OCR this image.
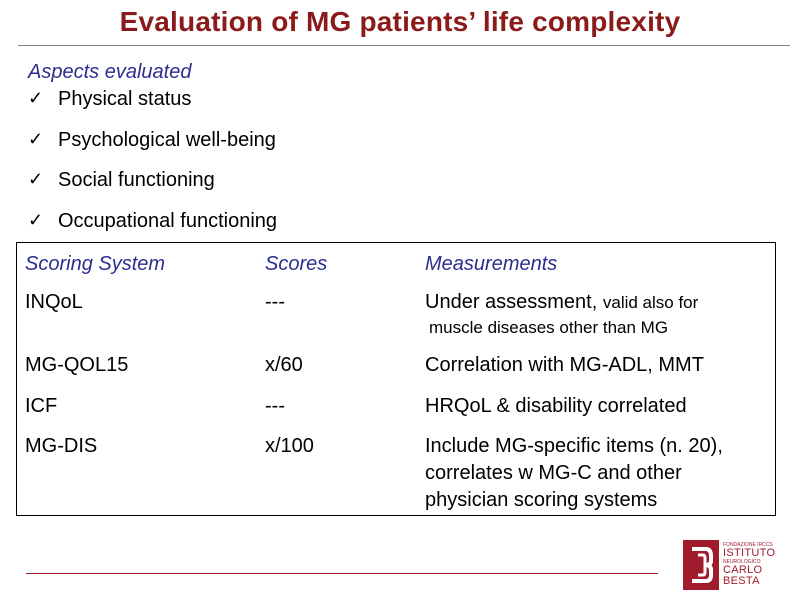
Evaluation of MG patients’ life complexity
Aspects evaluated
✓ Physical status
✓ Psychological well-being
✓ Social functioning
✓ Occupational functioning
Scoring System	Scores	Measurements
INQoL	---	Under assessment, valid also for
muscle diseases other than MG
MG-QOL15	x/60	Correlation with MG-ADL, MMT
ICF	---	HRQoL & disability correlated
MG-DIS	x/100	Include MG-specific items (n. 20),
correlates w MG-C and other
physician scoring systems
FONDAZIONE IRCCS
ISTITUTO
NEUROLOGICO
CARLO
BESTA
